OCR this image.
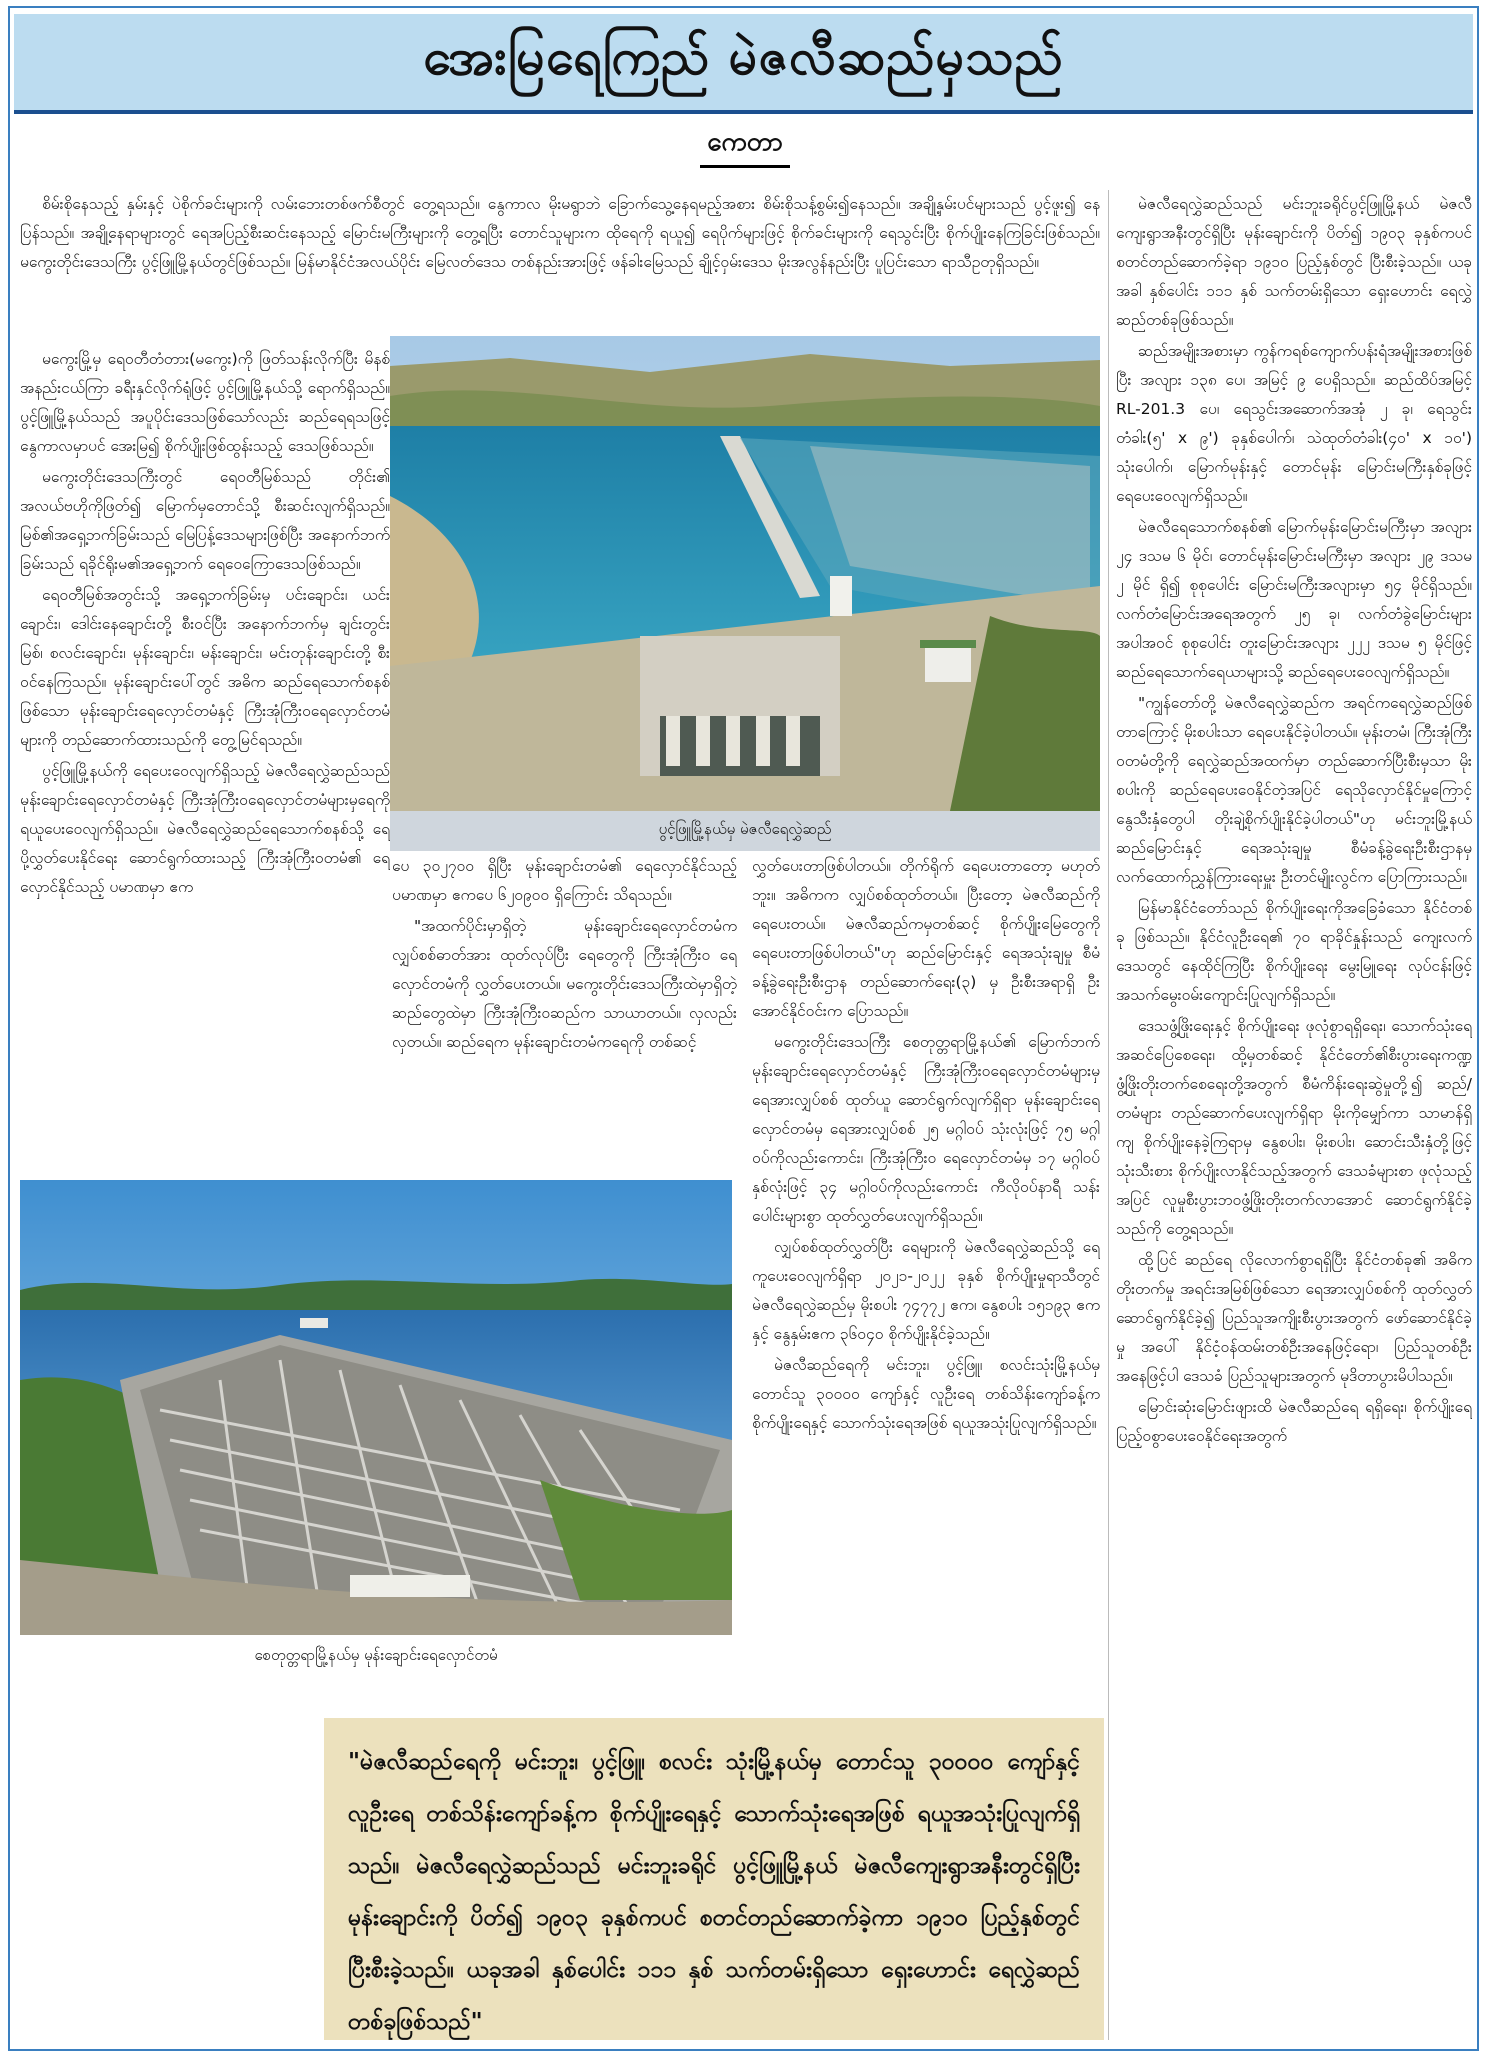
အေးမြရေကြည် မဲဇလီဆည်မှသည်
ကေတာ

စိမ်းစိုနေသည့် နှမ်းနှင့် ပဲစိုက်ခင်းများကို လမ်းဘေးတစ်ဖက်စီတွင် တွေ့ရသည်။ နွေကာလ မိုးမရွာဘဲ ခြောက်သွေ့နေရမည့်အစား စိမ်းစိုသန့်စွမ်း၍နေသည်။ အချို့နှမ်းပင်များသည် ပွင့်ဖူး၍ နေပြန်သည်။ အချို့နေရာများတွင် ရေအပြည့်စီးဆင်းနေသည့် မြောင်းမကြီးများကို တွေ့ရပြီး တောင်သူများက ထိုရေကို ရယူ၍ ရေပိုက်များဖြင့် စိုက်ခင်းများကို ရေသွင်းပြီး စိုက်ပျိုးနေကြခြင်းဖြစ်သည်။ မကွေးတိုင်းဒေသကြီး ပွင့်ဖြူမြို့နယ်တွင်ဖြစ်သည်။ မြန်မာနိုင်ငံအလယ်ပိုင်း မြေလတ်ဒေသ တစ်နည်းအားဖြင့် ဖန်ခါးမြေသည် ချိုင့်ဝှမ်းဒေသ မိုးအလွန်နည်းပြီး ပူပြင်းသော ရာသီဥတုရှိသည်။

မကွေးမြို့မှ ရေဝတီတံတား(မကွေး)ကို ဖြတ်သန်းလိုက်ပြီး မိနစ်အနည်းငယ်ကြာ ခရီးနှင်လိုက်ရုံဖြင့် ပွင့်ဖြူမြို့နယ်သို့ ရောက်ရှိသည်။ ပွင့်ဖြူမြို့နယ်သည် အပူပိုင်းဒေသဖြစ်သော်လည်း ဆည်ရေရသဖြင့် နွေကာလမှာပင် အေးမြ၍ စိုက်ပျိုးဖြစ်ထွန်းသည့် ဒေသဖြစ်သည်။

မကွေးတိုင်းဒေသကြီးတွင် ရေဝတီမြစ်သည် တိုင်း၏ အလယ်ဗဟိုကိုဖြတ်၍ မြောက်မှတောင်သို့ စီးဆင်းလျက်ရှိသည်။ မြစ်၏အရှေ့ဘက်ခြမ်းသည် မြေပြန့်ဒေသများဖြစ်ပြီး အနောက်ဘက်ခြမ်းသည် ရခိုင်ရိုးမ၏အရှေ့ဘက် ရေဝေကြောဒေသဖြစ်သည်။

ရေဝတီမြစ်အတွင်းသို့ အရှေ့ဘက်ခြမ်းမှ ပင်းချောင်း၊ ယင်းချောင်း၊ ဒေါင်းနေချောင်းတို့ စီးဝင်ပြီး အနောက်ဘက်မှ ချင်းတွင်းမြစ်၊ စလင်းချောင်း၊ မုန်းချောင်း၊ မန်းချောင်း၊ မင်းတုန်းချောင်းတို့ စီးဝင်နေကြသည်။ မုန်းချောင်းပေါ်တွင် အဓိက ဆည်ရေသောက်စနစ်ဖြစ်သော မုန်းချောင်းရေလှောင်တမံနှင့် ကြီးအုံကြီးဝရေလှောင်တမံများကို တည်ဆောက်ထားသည်ကို တွေ့မြင်ရသည်။

ပွင့်ဖြူမြို့နယ်ကို ရေပေးဝေလျက်ရှိသည့် မဲဇလီရေလွှဲဆည်သည် မုန်းချောင်းရေလှောင်တမံနှင့် ကြီးအုံကြီးဝရေလှောင်တမံများမှရေကို ရယူပေးဝေလျက်ရှိသည်။ မဲဇလီရေလွှဲဆည်ရေသောက်စနစ်သို့ ရေပို့လွှတ်ပေးနိုင်ရေး ဆောင်ရွက်ထားသည့် ကြီးအုံကြီးဝတမံ၏ ရေလှောင်နိုင်သည့် ပမာဏမှာ ဧက

ပွင့်ဖြူမြို့နယ်မှ မဲဇလီရေလွှဲဆည်

ပေ ၃၀၂၇၀၀ ရှိပြီး မုန်းချောင်းတမံ၏ ရေလှောင်နိုင်သည့် ပမာဏမှာ ဧကပေ ၆၂၀၉၀၀ ရှိကြောင်း သိရသည်။

"အထက်ပိုင်းမှာရှိတဲ့ မုန်းချောင်းရေလှောင်တမံက လျှပ်စစ်ဓာတ်အား ထုတ်လုပ်ပြီး ရေတွေကို ကြီးအုံကြီးဝ ရေလှောင်တမံကို လွှတ်ပေးတယ်။ မကွေးတိုင်းဒေသကြီးထဲမှာရှိတဲ့ ဆည်တွေထဲမှာ ကြီးအုံကြီးဝဆည်က သာယာတယ်။ လှလည်း လှတယ်။ ဆည်ရေက မုန်းချောင်းတမံကရေကို တစ်ဆင့်

လွှတ်ပေးတာဖြစ်ပါတယ်။ တိုက်ရိုက် ရေပေးတာတော့ မဟုတ်ဘူး။ အဓိကက လျှပ်စစ်ထုတ်တယ်။ ပြီးတော့ မဲဇလီဆည်ကို ရေပေးတယ်။ မဲဇလီဆည်ကမှတစ်ဆင့် စိုက်ပျိုးမြေတွေကို ရေပေးတာဖြစ်ပါတယ်"ဟု ဆည်မြောင်းနှင့် ရေအသုံးချမှု စီမံခန့်ခွဲရေးဦးစီးဌာန တည်ဆောက်ရေး(၃) မှ ဦးစီးအရာရှိ ဦးအောင်နိုင်ဝင်းက ပြောသည်။

မကွေးတိုင်းဒေသကြီး စေတုတ္တရာမြို့နယ်၏ မြောက်ဘက် မုန်းချောင်းရေလှောင်တမံနှင့် ကြီးအုံကြီးဝရေလှောင်တမံများမှ ရေအားလျှပ်စစ် ထုတ်ယူ ဆောင်ရွက်လျက်ရှိရာ မုန်းချောင်းရေလှောင်တမံမှ ရေအားလျှပ်စစ် ၂၅ မဂ္ဂါဝပ် သုံးလုံးဖြင့် ၇၅ မဂ္ဂါဝပ်ကိုလည်းကောင်း၊ ကြီးအုံကြီးဝ ရေလှောင်တမံမှ ၁၇ မဂ္ဂါဝပ် နှစ်လုံးဖြင့် ၃၄ မဂ္ဂါဝပ်ကိုလည်းကောင်း ကီလိုဝပ်နာရီ သန်းပေါင်းများစွာ ထုတ်လွှတ်ပေးလျက်ရှိသည်။

လျှပ်စစ်ထုတ်လွှတ်ပြီး ရေများကို မဲဇလီရေလွှဲဆည်သို့ ရေကူပေးဝေလျက်ရှိရာ ၂၀၂၁-၂၀၂၂ ခုနှစ် စိုက်ပျိုးမှုရာသီတွင် မဲဇလီရေလွှဲဆည်မှ မိုးစပါး ၇၄၇၇၂ ဧက၊ နွေစပါး ၁၅၁၉၃ ဧကနှင့် နွေနှမ်းဧက ၃၆၀၄၀ စိုက်ပျိုးနိုင်ခဲ့သည်။

မဲဇလီဆည်ရေကို မင်းဘူး၊ ပွင့်ဖြူ၊ စလင်းသုံးမြို့နယ်မှ တောင်သူ ၃၀၀၀၀ ကျော်နှင့် လူဦးရေ တစ်သိန်းကျော်ခန့်က စိုက်ပျိုးရေနှင့် သောက်သုံးရေအဖြစ် ရယူအသုံးပြုလျက်ရှိသည်။

စေတုတ္တရာမြို့နယ်မှ မုန်းချောင်းရေလှောင်တမံ

မဲဇလီရေလွှဲဆည်သည် မင်းဘူးခရိုင်ပွင့်ဖြူမြို့နယ် မဲဇလီကျေးရွာအနီးတွင်ရှိပြီး မုန်းချောင်းကို ပိတ်၍ ၁၉၀၃ ခုနှစ်ကပင် စတင်တည်ဆောက်ခဲ့ရာ ၁၉၁၀ ပြည့်နှစ်တွင် ပြီးစီးခဲ့သည်။ ယခုအခါ နှစ်ပေါင်း ၁၁၁ နှစ် သက်တမ်းရှိသော ရှေးဟောင်း ရေလွှဲဆည်တစ်ခုဖြစ်သည်။

ဆည်အမျိုးအစားမှာ ကွန်ကရစ်ကျောက်ပန်းရံအမျိုးအစားဖြစ်ပြီး အလျား ၁၃၈ ပေ၊ အမြင့် ၉ ပေရှိသည်။ ဆည်ထိပ်အမြင့် RL-201.3 ပေ၊ ရေသွင်းအဆောက်အအုံ ၂ ခု၊ ရေသွင်းတံခါး(၅' x ၉') ခုနှစ်ပေါက်၊ သဲထုတ်တံခါး(၄၀' x ၁၀') သုံးပေါက်၊ မြောက်မုန်းနှင့် တောင်မုန်း မြောင်းမကြီးနှစ်ခုဖြင့် ရေပေးဝေလျက်ရှိသည်။

မဲဇလီရေသောက်စနစ်၏ မြောက်မုန်းမြောင်းမကြီးမှာ အလျား ၂၄ ဒသမ ၆ မိုင်၊ တောင်မုန်းမြောင်းမကြီးမှာ အလျား ၂၉ ဒသမ ၂ မိုင် ရှိ၍ စုစုပေါင်း မြောင်းမကြီးအလျားမှာ ၅၄ မိုင်ရှိသည်။ လက်တံမြောင်းအရေအတွက် ၂၅ ခု၊ လက်တံခွဲမြောင်းများ အပါအဝင် စုစုပေါင်း တူးမြောင်းအလျား ၂၂၂ ဒသမ ၅ မိုင်ဖြင့် ဆည်ရေသောက်ရေယာများသို့ ဆည်ရေပေးဝေလျက်ရှိသည်။

"ကျွန်တော်တို့ မဲဇလီရေလွှဲဆည်က အရင်ကရေလွှဲဆည်ဖြစ်တာကြောင့် မိုးစပါးသာ ရေပေးနိုင်ခဲ့ပါတယ်။ မုန်းတမံ၊ ကြီးအုံကြီးဝတမံတို့ကို ရေလွှဲဆည်အထက်မှာ တည်ဆောက်ပြီးစီးမှသာ မိုးစပါးကို ဆည်ရေပေးဝေနိုင်တဲ့အပြင် ရေသိုလှောင်နိုင်မှုကြောင့် နွေသီးနှံတွေပါ တိုးချဲ့စိုက်ပျိုးနိုင်ခဲ့ပါတယ်"ဟု မင်းဘူးမြို့နယ် ဆည်မြောင်းနှင့် ရေအသုံးချမှု စီမံခန့်ခွဲရေးဦးစီးဌာနမှ လက်ထောက်ညွှန်ကြားရေးမှူး ဦးတင်မျိုးလွင်က ပြောကြားသည်။

မြန်မာနိုင်ငံတော်သည် စိုက်ပျိုးရေးကိုအခြေခံသော နိုင်ငံတစ်ခု ဖြစ်သည်။ နိုင်ငံလူဦးရေ၏ ၇၀ ရာခိုင်နှုန်းသည် ကျေးလက်ဒေသတွင် နေထိုင်ကြပြီး စိုက်ပျိုးရေး မွေးမြူရေး လုပ်ငန်းဖြင့် အသက်မွေးဝမ်းကျောင်းပြုလျက်ရှိသည်။

ဒေသဖွံ့ဖြိုးရေးနှင့် စိုက်ပျိုးရေး ဖုလုံစွာရရှိရေး၊ သောက်သုံးရေ အဆင်ပြေစေရေး၊ ထို့မှတစ်ဆင့် နိုင်ငံတော်၏စီးပွားရေးကဏ္ဍဖွံ့ဖြိုးတိုးတက်စေရေးတို့အတွက် စီမံကိန်းရေးဆွဲမှုတို့၍ ဆည်/တမံများ တည်ဆောက်ပေးလျက်ရှိရာ မိုးကိုမျှော်ကာ သာမာန်ရှိကျ စိုက်ပျိုးနေခဲ့ကြရာမှ နွေစပါး၊ မိုးစပါး၊ ဆောင်းသီးနှံတို့ဖြင့် သုံးသီးစား စိုက်ပျိုးလာနိုင်သည့်အတွက် ဒေသခံများစာ ဖုလုံသည့်အပြင် လူမှုစီးပွားဘဝဖွံ့ဖြိုးတိုးတက်လာအောင် ဆောင်ရွက်နိုင်ခဲ့သည်ကို တွေ့ရသည်။

ထို့ပြင် ဆည်ရေ လိုလောက်စွာရရှိပြီး နိုင်ငံတစ်ခု၏ အဓိကတိုးတက်မှု အရင်းအမြစ်ဖြစ်သော ရေအားလျှပ်စစ်ကို ထုတ်လွှတ်ဆောင်ရွက်နိုင်ခဲ့၍ ပြည်သူအကျိုးစီးပွားအတွက် ဖော်ဆောင်နိုင်ခဲ့မှု အပေါ် နိုင်ငံ့ဝန်ထမ်းတစ်ဦးအနေဖြင့်ရော၊ ပြည်သူတစ်ဦးအနေဖြင့်ပါ ဒေသခံ ပြည်သူများအတွက် မုဒိတာပွားမိပါသည်။

မြောင်းဆုံးမြောင်းဖျားထိ မဲဇလီဆည်ရေ ရရှိရေး၊ စိုက်ပျိုးရေ ပြည့်ဝစွာပေးဝေနိုင်ရေးအတွက်

"မဲဇလီဆည်ရေကို မင်းဘူး၊ ပွင့်ဖြူ၊ စလင်း သုံးမြို့နယ်မှ တောင်သူ ၃၀၀၀၀ ကျော်နှင့် လူဦးရေ တစ်သိန်းကျော်ခန့်က စိုက်ပျိုးရေနှင့် သောက်သုံးရေအဖြစ် ရယူအသုံးပြုလျက်ရှိသည်။ မဲဇလီရေလွှဲဆည်သည် မင်းဘူးခရိုင် ပွင့်ဖြူမြို့နယ် မဲဇလီကျေးရွာအနီးတွင်ရှိပြီး မုန်းချောင်းကို ပိတ်၍ ၁၉၀၃ ခုနှစ်ကပင် စတင်တည်ဆောက်ခဲ့ကာ ၁၉၁၀ ပြည့်နှစ်တွင် ပြီးစီးခဲ့သည်။ ယခုအခါ နှစ်ပေါင်း ၁၁၁ နှစ် သက်တမ်းရှိသော ရှေးဟောင်း ရေလွှဲဆည်တစ်ခုဖြစ်သည်"
